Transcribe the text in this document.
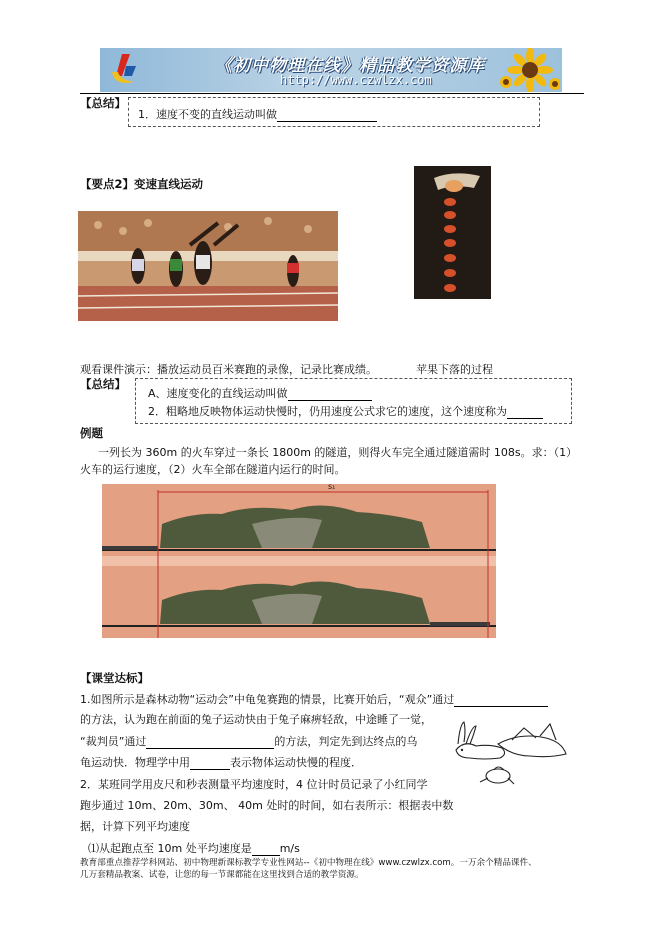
《初中物理在线》精品教学资源库
http://www.czwlzx.com
【总结】
1．速度不变的直线运动叫做
【要点2】变速直线运动
观看课件演示：播放运动员百米赛跑的录像，记录比赛成绩。	苹果下落的过程
【总结】
A、速度变化的直线运动叫做
2．粗略地反映物体运动快慢时，仍用速度公式求它的速度，这个速度称为
例题
一列长为 360m 的火车穿过一条长 1800m 的隧道，则得火车完全通过隧道需时 108s。求：（1）
火车的运行速度，（2）火车全部在隧道内运行的时间。
s₁
【课堂达标】
1.如图所示是森林动物“运动会”中龟兔赛跑的情景，比赛开始后，“观众”通过
的方法，认为跑在前面的兔子运动快由于兔子麻痹轻敌，中途睡了一觉，
“裁判员”通过	的方法，判定先到达终点的乌
龟运动快．物理学中用	表示物体运动快慢的程度．
2．某班同学用皮尺和秒表测量平均速度时，4 位计时员记录了小红同学
跑步通过 10m、20m、30m、 40m 处时的时间，如右表所示：根据表中数
据，计算下列平均速度
⑴从起跑点至 10m 处平均速度是	m/s
教育部重点推荐学科网站、初中物理新课标教学专业性网站--《初中物理在线》www.czwlzx.com。一万余个精品课件、
几万套精品教案、试卷，让您的每一节课都能在这里找到合适的教学资源。
